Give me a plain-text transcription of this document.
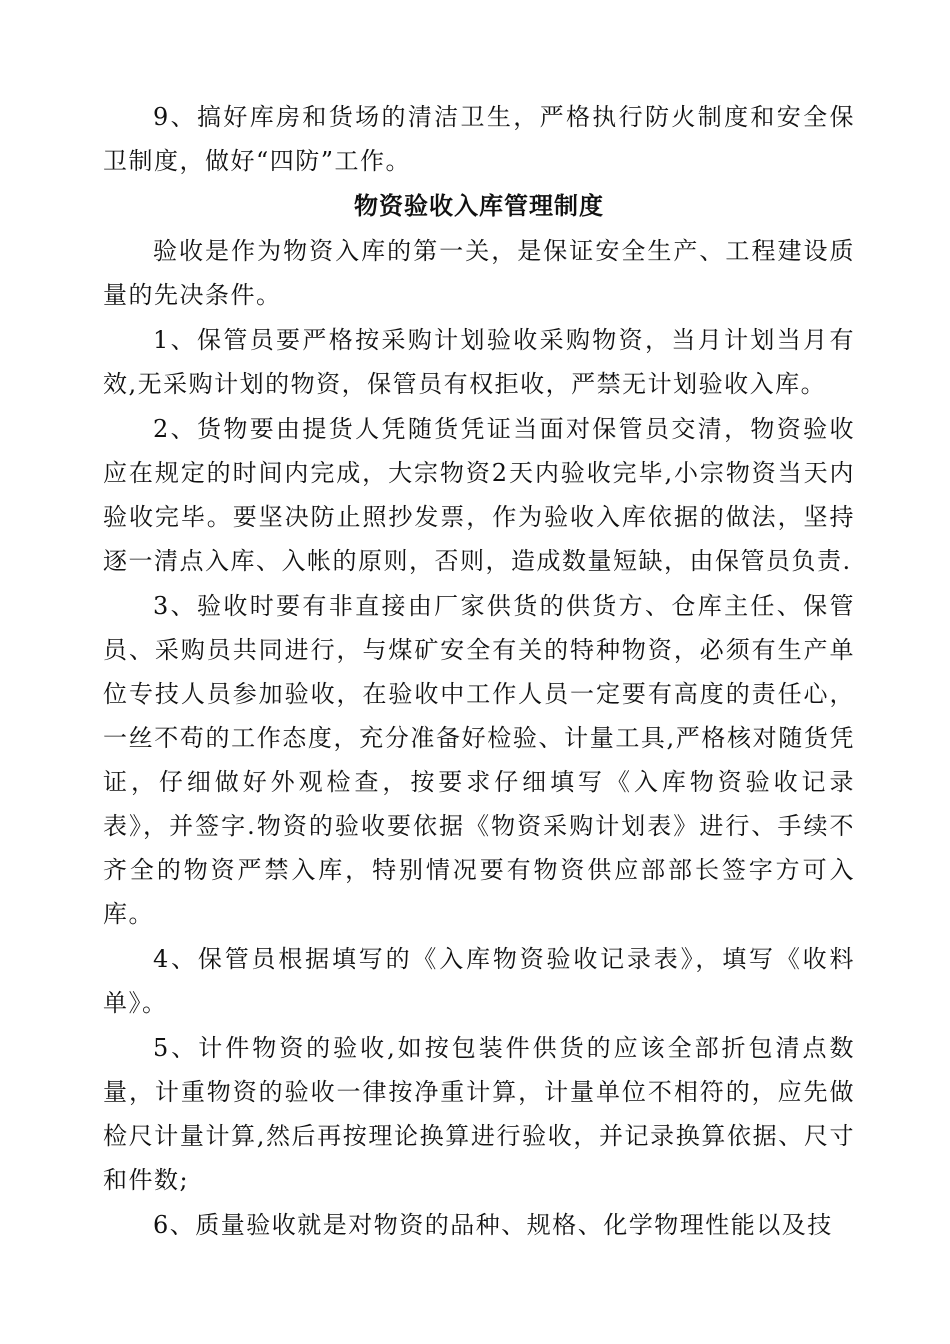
9、搞好库房和货场的清洁卫生，严格执行防火制度和安全保卫制度，做好“四防”工作。

物资验收入库管理制度

验收是作为物资入库的第一关，是保证安全生产、工程建设质量的先决条件。

1、保管员要严格按采购计划验收采购物资，当月计划当月有效,无采购计划的物资，保管员有权拒收，严禁无计划验收入库。

2、货物要由提货人凭随货凭证当面对保管员交清，物资验收应在规定的时间内完成，大宗物资2天内验收完毕,小宗物资当天内验收完毕。要坚决防止照抄发票，作为验收入库依据的做法，坚持逐一清点入库、入帐的原则，否则，造成数量短缺，由保管员负责.

3、验收时要有非直接由厂家供货的供货方、仓库主任、保管员、采购员共同进行，与煤矿安全有关的特种物资，必须有生产单位专技人员参加验收，在验收中工作人员一定要有高度的责任心，一丝不苟的工作态度，充分准备好检验、计量工具,严格核对随货凭证，仔细做好外观检查，按要求仔细填写《入库物资验收记录表》，并签字.物资的验收要依据《物资采购计划表》进行、手续不齐全的物资严禁入库，特别情况要有物资供应部部长签字方可入库。

4、保管员根据填写的《入库物资验收记录表》，填写《收料单》。

5、计件物资的验收,如按包装件供货的应该全部折包清点数量，计重物资的验收一律按净重计算，计量单位不相符的，应先做检尺计量计算,然后再按理论换算进行验收，并记录换算依据、尺寸和件数;

6、质量验收就是对物资的品种、规格、化学物理性能以及技
